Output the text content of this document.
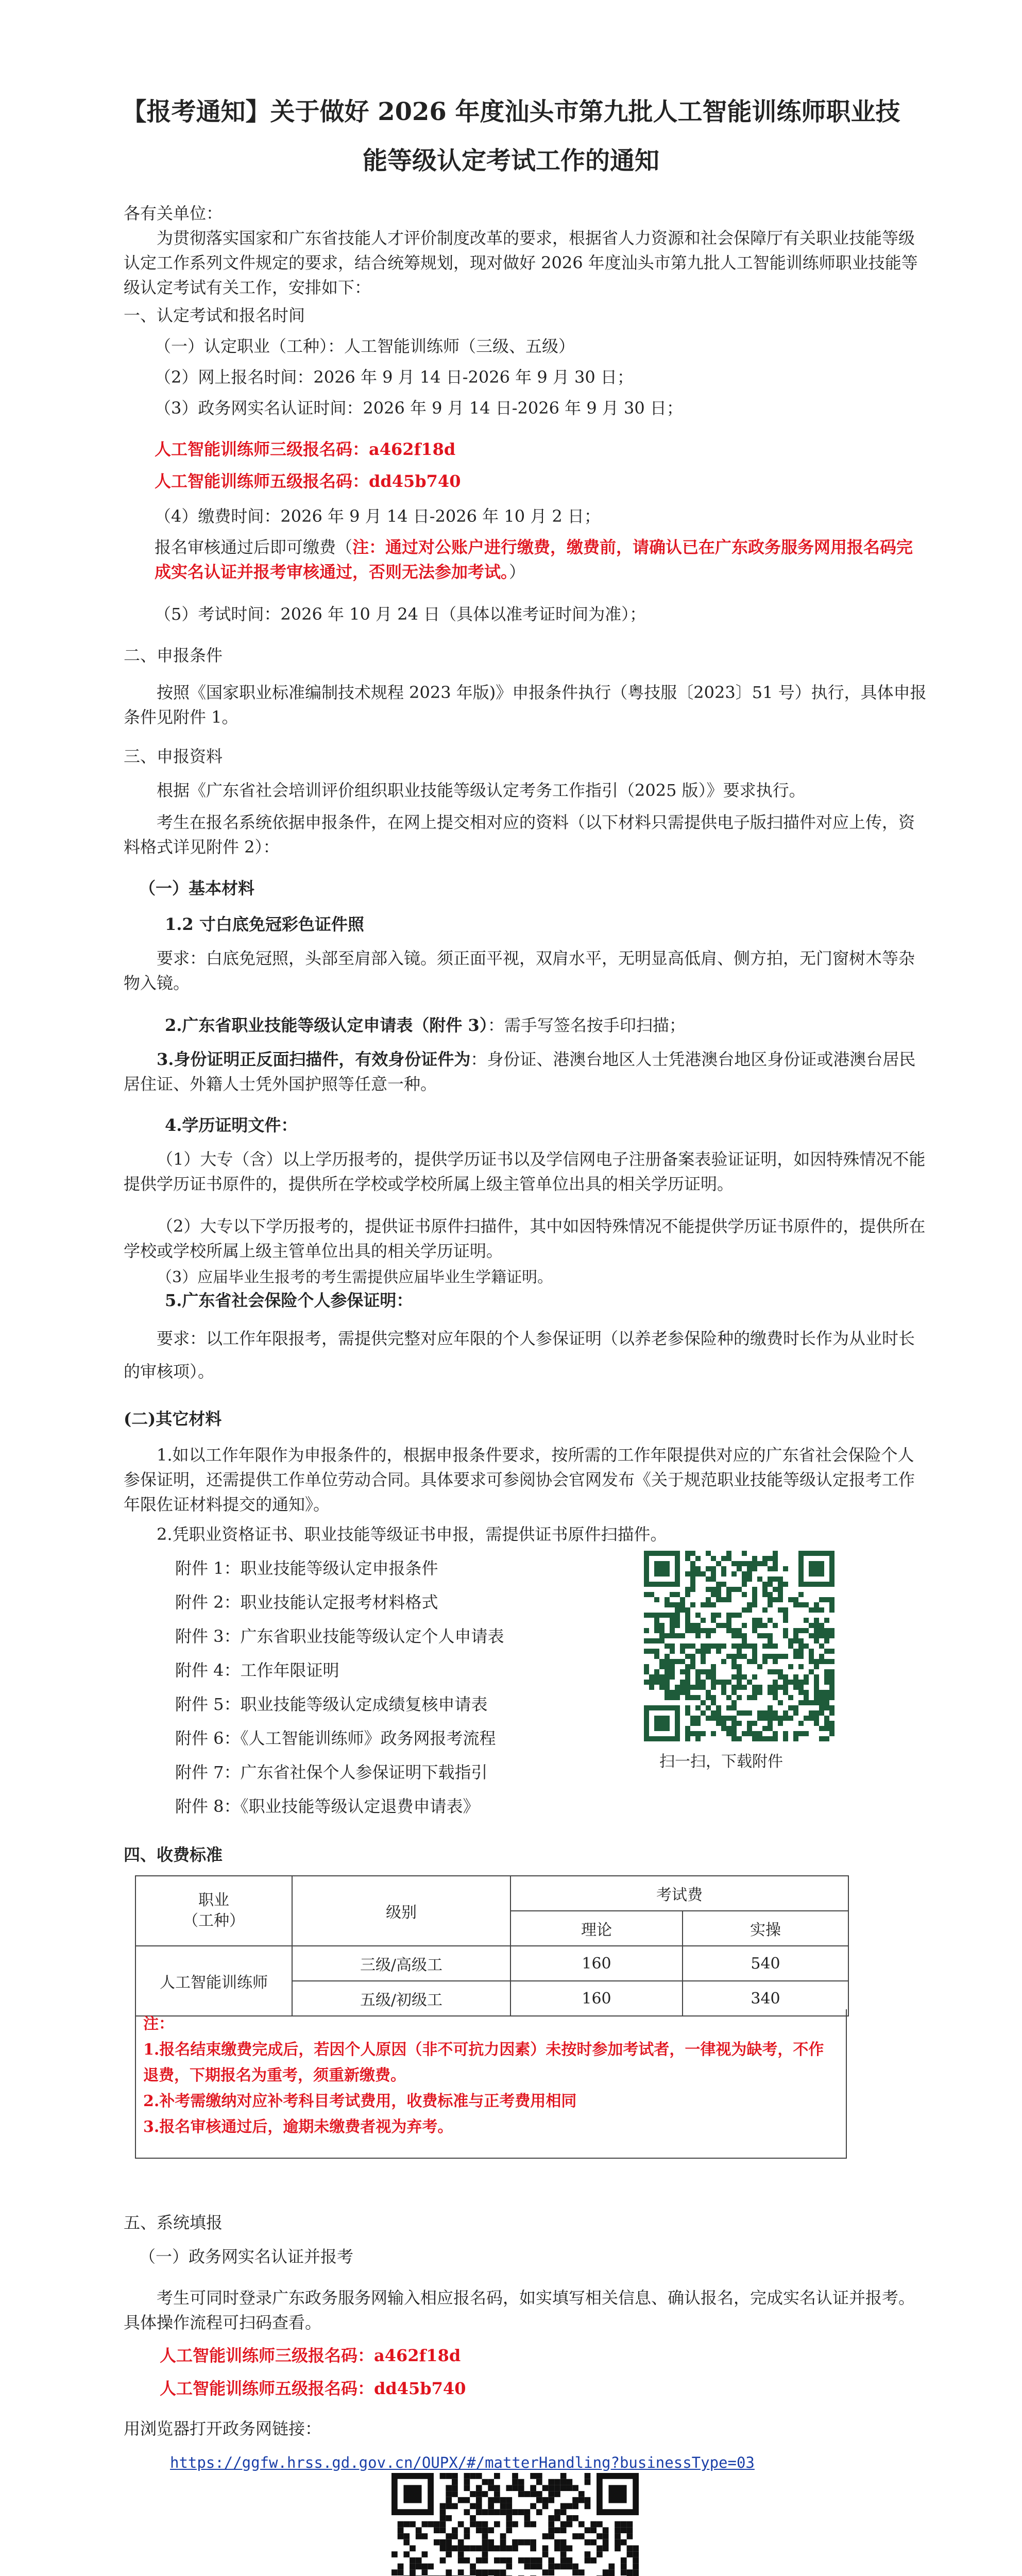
【报考通知】关于做好 2026 年度汕头市第九批人工智能训练师职业技
能等级认定考试工作的通知
各有关单位：
为贯彻落实国家和广东省技能人才评价制度改革的要求，根据省人力资源和社会保障厅有关职业技能等级认定工作系列文件规定的要求，结合统筹规划，现对做好 2026 年度汕头市第九批人工智能训练师职业技能等级认定考试有关工作，安排如下：
一、认定考试和报名时间
（一）认定职业（工种）：人工智能训练师（三级、五级）
（2）网上报名时间：2026 年 9 月 14 日-2026 年 9 月 30 日；
（3）政务网实名认证时间：2026 年 9 月 14 日-2026 年 9 月 30 日；
人工智能训练师三级报名码：a462f18d
人工智能训练师五级报名码：dd45b740
（4）缴费时间：2026 年 9 月 14 日-2026 年 10 月 2 日；
报名审核通过后即可缴费（注：通过对公账户进行缴费，缴费前，请确认已在广东政务服务网用报名码完成实名认证并报考审核通过，否则无法参加考试。）
（5）考试时间：2026 年 10 月 24 日（具体以准考证时间为准）；
二、申报条件
按照《国家职业标准编制技术规程 2023 年版)》申报条件执行（粤技服〔2023〕51 号）执行，具体申报条件见附件 1。
三、申报资料
根据《广东省社会培训评价组织职业技能等级认定考务工作指引（2025 版）》要求执行。
考生在报名系统依据申报条件，在网上提交相对应的资料（以下材料只需提供电子版扫描件对应上传，资料格式详见附件 2）：
（一）基本材料
1.2 寸白底免冠彩色证件照
要求：白底免冠照，头部至肩部入镜。须正面平视，双肩水平，无明显高低肩、侧方拍，无门窗树木等杂物入镜。
2.广东省职业技能等级认定申请表（附件 3）：需手写签名按手印扫描；
3.身份证明正反面扫描件，有效身份证件为：身份证、港澳台地区人士凭港澳台地区身份证或港澳台居民居住证、外籍人士凭外国护照等任意一种。
4.学历证明文件：
（1）大专（含）以上学历报考的，提供学历证书以及学信网电子注册备案表验证证明，如因特殊情况不能提供学历证书原件的，提供所在学校或学校所属上级主管单位出具的相关学历证明。
（2）大专以下学历报考的，提供证书原件扫描件，其中如因特殊情况不能提供学历证书原件的，提供所在学校或学校所属上级主管单位出具的相关学历证明。
（3）应届毕业生报考的考生需提供应届毕业生学籍证明。
5.广东省社会保险个人参保证明：
要求：以工作年限报考，需提供完整对应年限的个人参保证明（以养老参保险种的缴费时长作为从业时长的审核项）。
(二)其它材料
1.如以工作年限作为申报条件的，根据申报条件要求，按所需的工作年限提供对应的广东省社会保险个人参保证明，还需提供工作单位劳动合同。具体要求可参阅协会官网发布《关于规范职业技能等级认定报考工作年限佐证材料提交的通知》。
2.凭职业资格证书、职业技能等级证书申报，需提供证书原件扫描件。
附件 1：职业技能等级认定申报条件
附件 2：职业技能认定报考材料格式
附件 3：广东省职业技能等级认定个人申请表
附件 4：工作年限证明
附件 5：职业技能等级认定成绩复核申请表
附件 6：《人工智能训练师》政务网报考流程
附件 7：广东省社保个人参保证明下载指引
附件 8：《职业技能等级认定退费申请表》
扫一扫，下载附件
四、收费标准
职业
（工种）	级别	考试费	
		理论	实操
人工智能训练师	三级/高级工	160	540
	五级/初级工	160	340
注：
1.报名结束缴费完成后，若因个人原因（非不可抗力因素）未按时参加考试者，一律视为缺考，不作退费，下期报名为重考，须重新缴费。
2.补考需缴纳对应补考科目考试费用，收费标准与正考费用相同
3.报名审核通过后，逾期未缴费者视为弃考。
五、系统填报
（一）政务网实名认证并报考
考生可同时登录广东政务服务网输入相应报名码，如实填写相关信息、确认报名，完成实名认证并报考。具体操作流程可扫码查看。
人工智能训练师三级报名码：a462f18d
人工智能训练师五级报名码：dd45b740
用浏览器打开政务网链接：
https://ggfw.hrss.gd.gov.cn/OUPX/#/matterHandling?businessType=03
